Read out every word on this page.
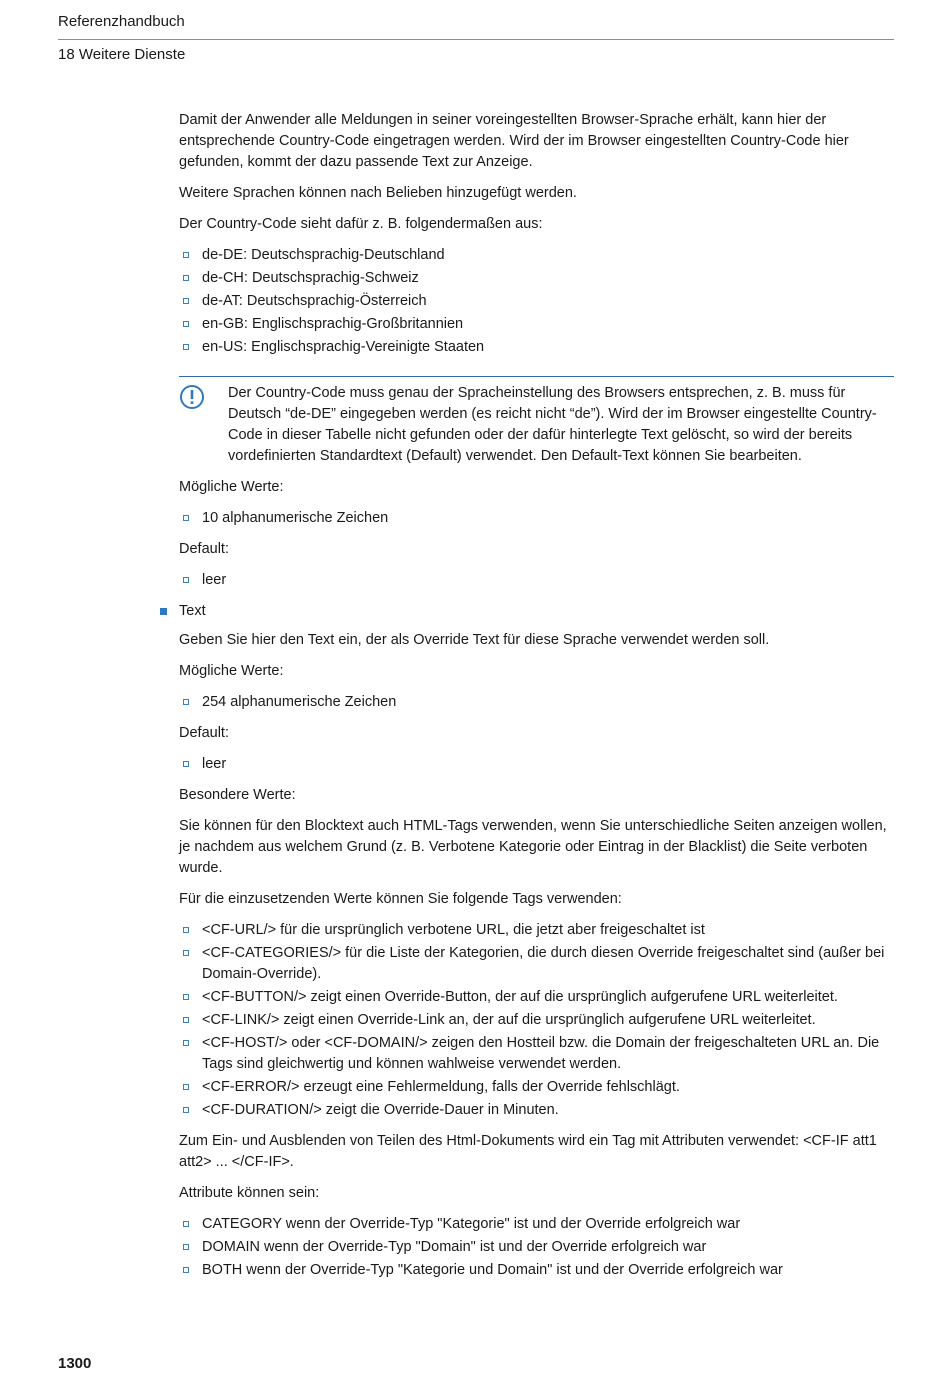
Referenzhandbuch
18 Weitere Dienste

Damit der Anwender alle Meldungen in seiner voreingestellten Browser-Sprache erhält, kann hier der entsprechende Country-Code eingetragen werden. Wird der im Browser eingestellten Country-Code hier gefunden, kommt der dazu passende Text zur Anzeige.

Weitere Sprachen können nach Belieben hinzugefügt werden.

Der Country-Code sieht dafür z. B. folgendermaßen aus:

de-DE: Deutschsprachig-Deutschland
de-CH: Deutschsprachig-Schweiz
de-AT: Deutschsprachig-Österreich
en-GB: Englischsprachig-Großbritannien
en-US: Englischsprachig-Vereinigte Staaten

Der Country-Code muss genau der Spracheinstellung des Browsers entsprechen, z. B. muss für Deutsch “de-DE” eingegeben werden (es reicht nicht “de”). Wird der im Browser eingestellte Country-Code in dieser Tabelle nicht gefunden oder der dafür hinterlegte Text gelöscht, so wird der bereits vordefinierten Standardtext (Default) verwendet. Den Default-Text können Sie bearbeiten.

Mögliche Werte:

10 alphanumerische Zeichen

Default:

leer
Text

Geben Sie hier den Text ein, der als Override Text für diese Sprache verwendet werden soll.

Mögliche Werte:

254 alphanumerische Zeichen

Default:

leer

Besondere Werte:

Sie können für den Blocktext auch HTML-Tags verwenden, wenn Sie unterschiedliche Seiten anzeigen wollen, je nachdem aus welchem Grund (z. B. Verbotene Kategorie oder Eintrag in der Blacklist) die Seite verboten wurde.

Für die einzusetzenden Werte können Sie folgende Tags verwenden:

<CF-URL/> für die ursprünglich verbotene URL, die jetzt aber freigeschaltet ist
<CF-CATEGORIES/> für die Liste der Kategorien, die durch diesen Override freigeschaltet sind (außer bei Domain-Override).
<CF-BUTTON/> zeigt einen Override-Button, der auf die ursprünglich aufgerufene URL weiterleitet.
<CF-LINK/> zeigt einen Override-Link an, der auf die ursprünglich aufgerufene URL weiterleitet.
<CF-HOST/> oder <CF-DOMAIN/> zeigen den Hostteil bzw. die Domain der freigeschalteten URL an. Die Tags sind gleichwertig und können wahlweise verwendet werden.
<CF-ERROR/> erzeugt eine Fehlermeldung, falls der Override fehlschlägt.
<CF-DURATION/> zeigt die Override-Dauer in Minuten.

Zum Ein- und Ausblenden von Teilen des Html-Dokuments wird ein Tag mit Attributen verwendet: <CF-IF att1 att2> ... </CF-IF>.

Attribute können sein:

CATEGORY wenn der Override-Typ "Kategorie" ist und der Override erfolgreich war
DOMAIN wenn der Override-Typ "Domain" ist und der Override erfolgreich war
BOTH wenn der Override-Typ "Kategorie und Domain" ist und der Override erfolgreich war
1300
